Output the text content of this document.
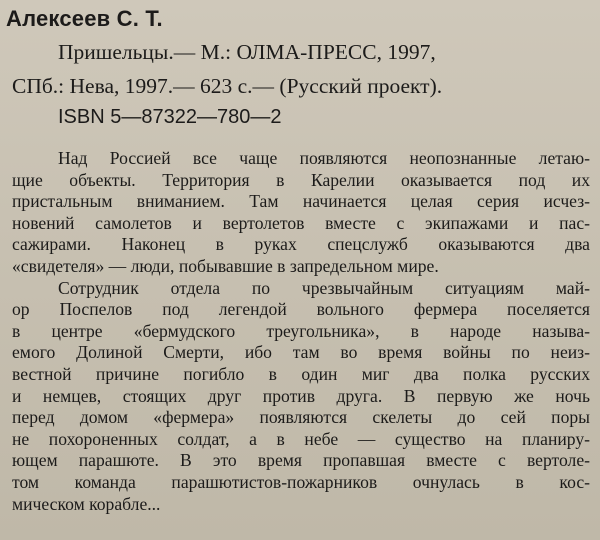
Алексеев С. Т.
Пришельцы.— М.: ОЛМА-ПРЕСС, 1997,
СПб.: Нева, 1997.— 623 с.— (Русский проект).
ISBN 5—87322—780—2
Над Россией все чаще появляются неопознанные летаю-
щие объекты. Территория в Карелии оказывается под их
пристальным вниманием. Там начинается целая серия исчез-
новений самолетов и вертолетов вместе с экипажами и пас-
сажирами. Наконец в руках спецслужб оказываются два
«свидетеля» — люди, побывавшие в запредельном мире.
Сотрудник отдела по чрезвычайным ситуациям май-
ор Поспелов под легендой вольного фермера поселяется
в центре «бермудского треугольника», в народе называ-
емого Долиной Смерти, ибо там во время войны по неиз-
вестной причине погибло в один миг два полка русских
и немцев, стоящих друг против друга. В первую же ночь
перед домом «фермера» появляются скелеты до сей поры
не похороненных солдат, а в небе — существо на планиру-
ющем парашюте. В это время пропавшая вместе с вертоле-
том команда парашютистов-пожарников очнулась в кос-
мическом корабле...
